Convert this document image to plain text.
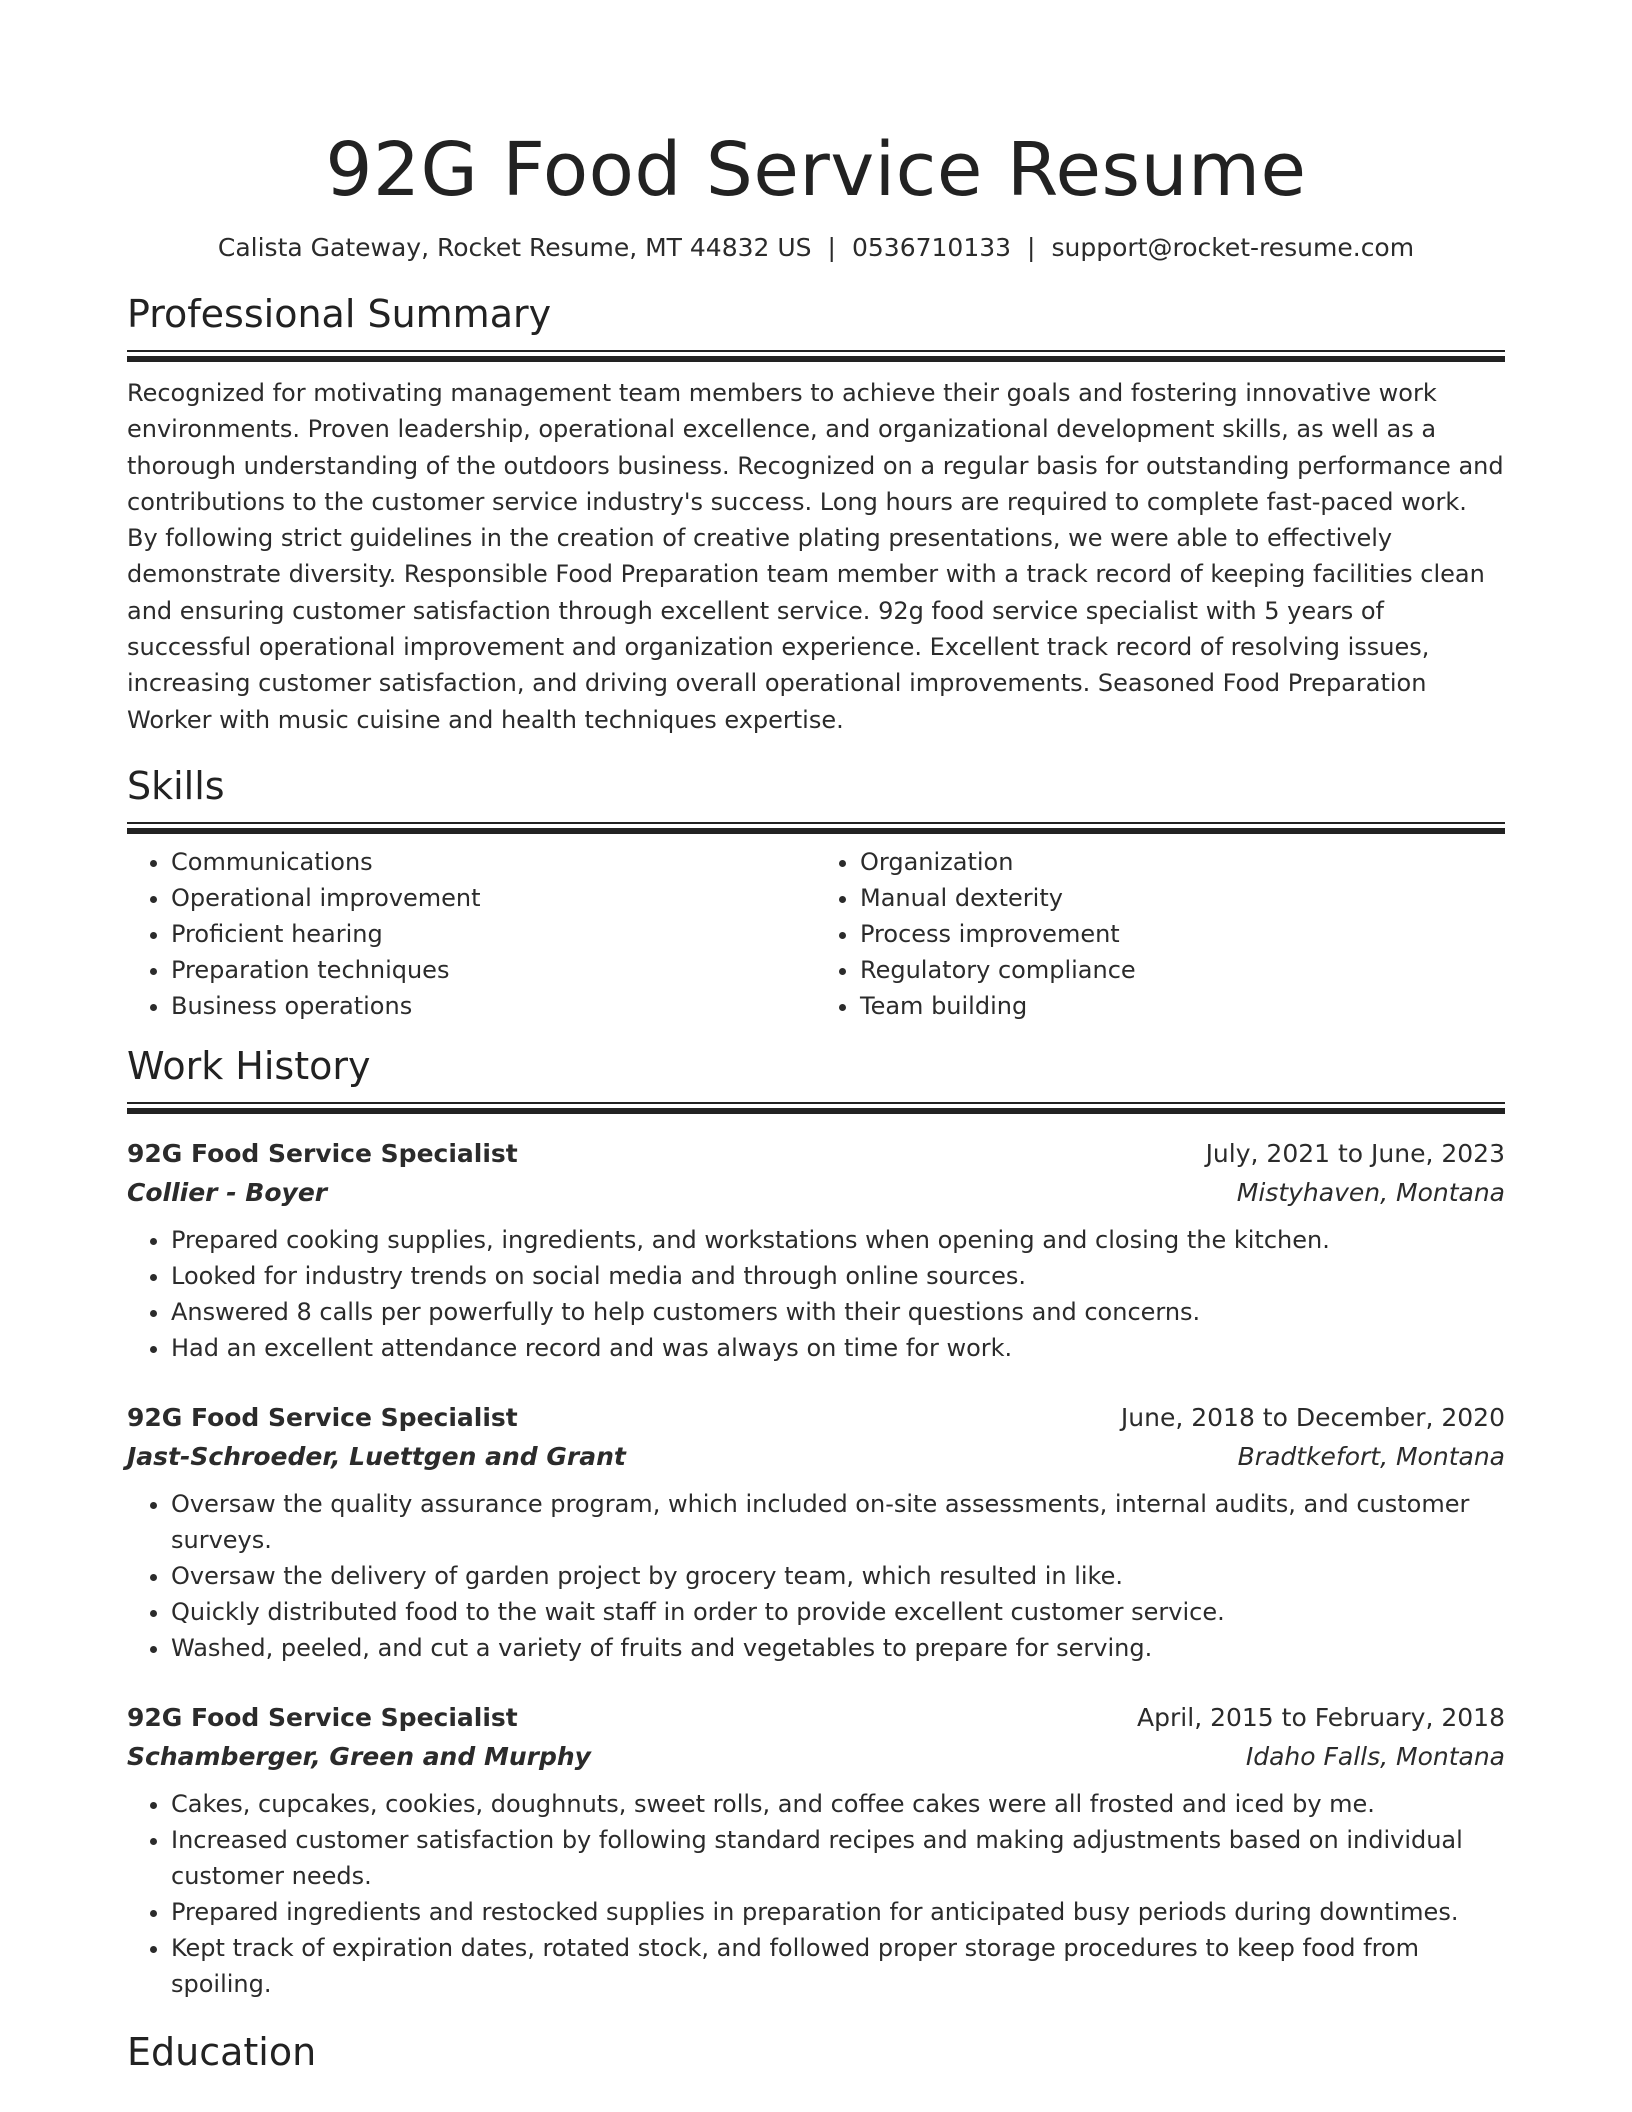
92G Food Service Resume
Calista Gateway, Rocket Resume, MT 44832 US | 0536710133 | support@rocket-resume.com
Professional Summary
Recognized for motivating management team members to achieve their goals and fostering innovative work environments. Proven leadership, operational excellence, and organizational development skills, as well as a thorough understanding of the outdoors business. Recognized on a regular basis for outstanding performance and contributions to the customer service industry's success. Long hours are required to complete fast-paced work. By following strict guidelines in the creation of creative plating presentations, we were able to effectively demonstrate diversity. Responsible Food Preparation team member with a track record of keeping facilities clean and ensuring customer satisfaction through excellent service. 92g food service specialist with 5 years of successful operational improvement and organization experience. Excellent track record of resolving issues, increasing customer satisfaction, and driving overall operational improvements. Seasoned Food Preparation Worker with music cuisine and health techniques expertise.
Skills
• Communications
• Operational improvement
• Proficient hearing
• Preparation techniques
• Business operations
• Organization
• Manual dexterity
• Process improvement
• Regulatory compliance
• Team building
Work History
92G Food Service Specialist	July, 2021 to June, 2023
Collier - Boyer	Mistyhaven, Montana
• Prepared cooking supplies, ingredients, and workstations when opening and closing the kitchen.
• Looked for industry trends on social media and through online sources.
• Answered 8 calls per powerfully to help customers with their questions and concerns.
• Had an excellent attendance record and was always on time for work.
92G Food Service Specialist	June, 2018 to December, 2020
Jast-Schroeder, Luettgen and Grant	Bradtkefort, Montana
• Oversaw the quality assurance program, which included on-site assessments, internal audits, and customer surveys.
• Oversaw the delivery of garden project by grocery team, which resulted in like.
• Quickly distributed food to the wait staff in order to provide excellent customer service.
• Washed, peeled, and cut a variety of fruits and vegetables to prepare for serving.
92G Food Service Specialist	April, 2015 to February, 2018
Schamberger, Green and Murphy	Idaho Falls, Montana
• Cakes, cupcakes, cookies, doughnuts, sweet rolls, and coffee cakes were all frosted and iced by me.
• Increased customer satisfaction by following standard recipes and making adjustments based on individual customer needs.
• Prepared ingredients and restocked supplies in preparation for anticipated busy periods during downtimes.
• Kept track of expiration dates, rotated stock, and followed proper storage procedures to keep food from spoiling.
Education
